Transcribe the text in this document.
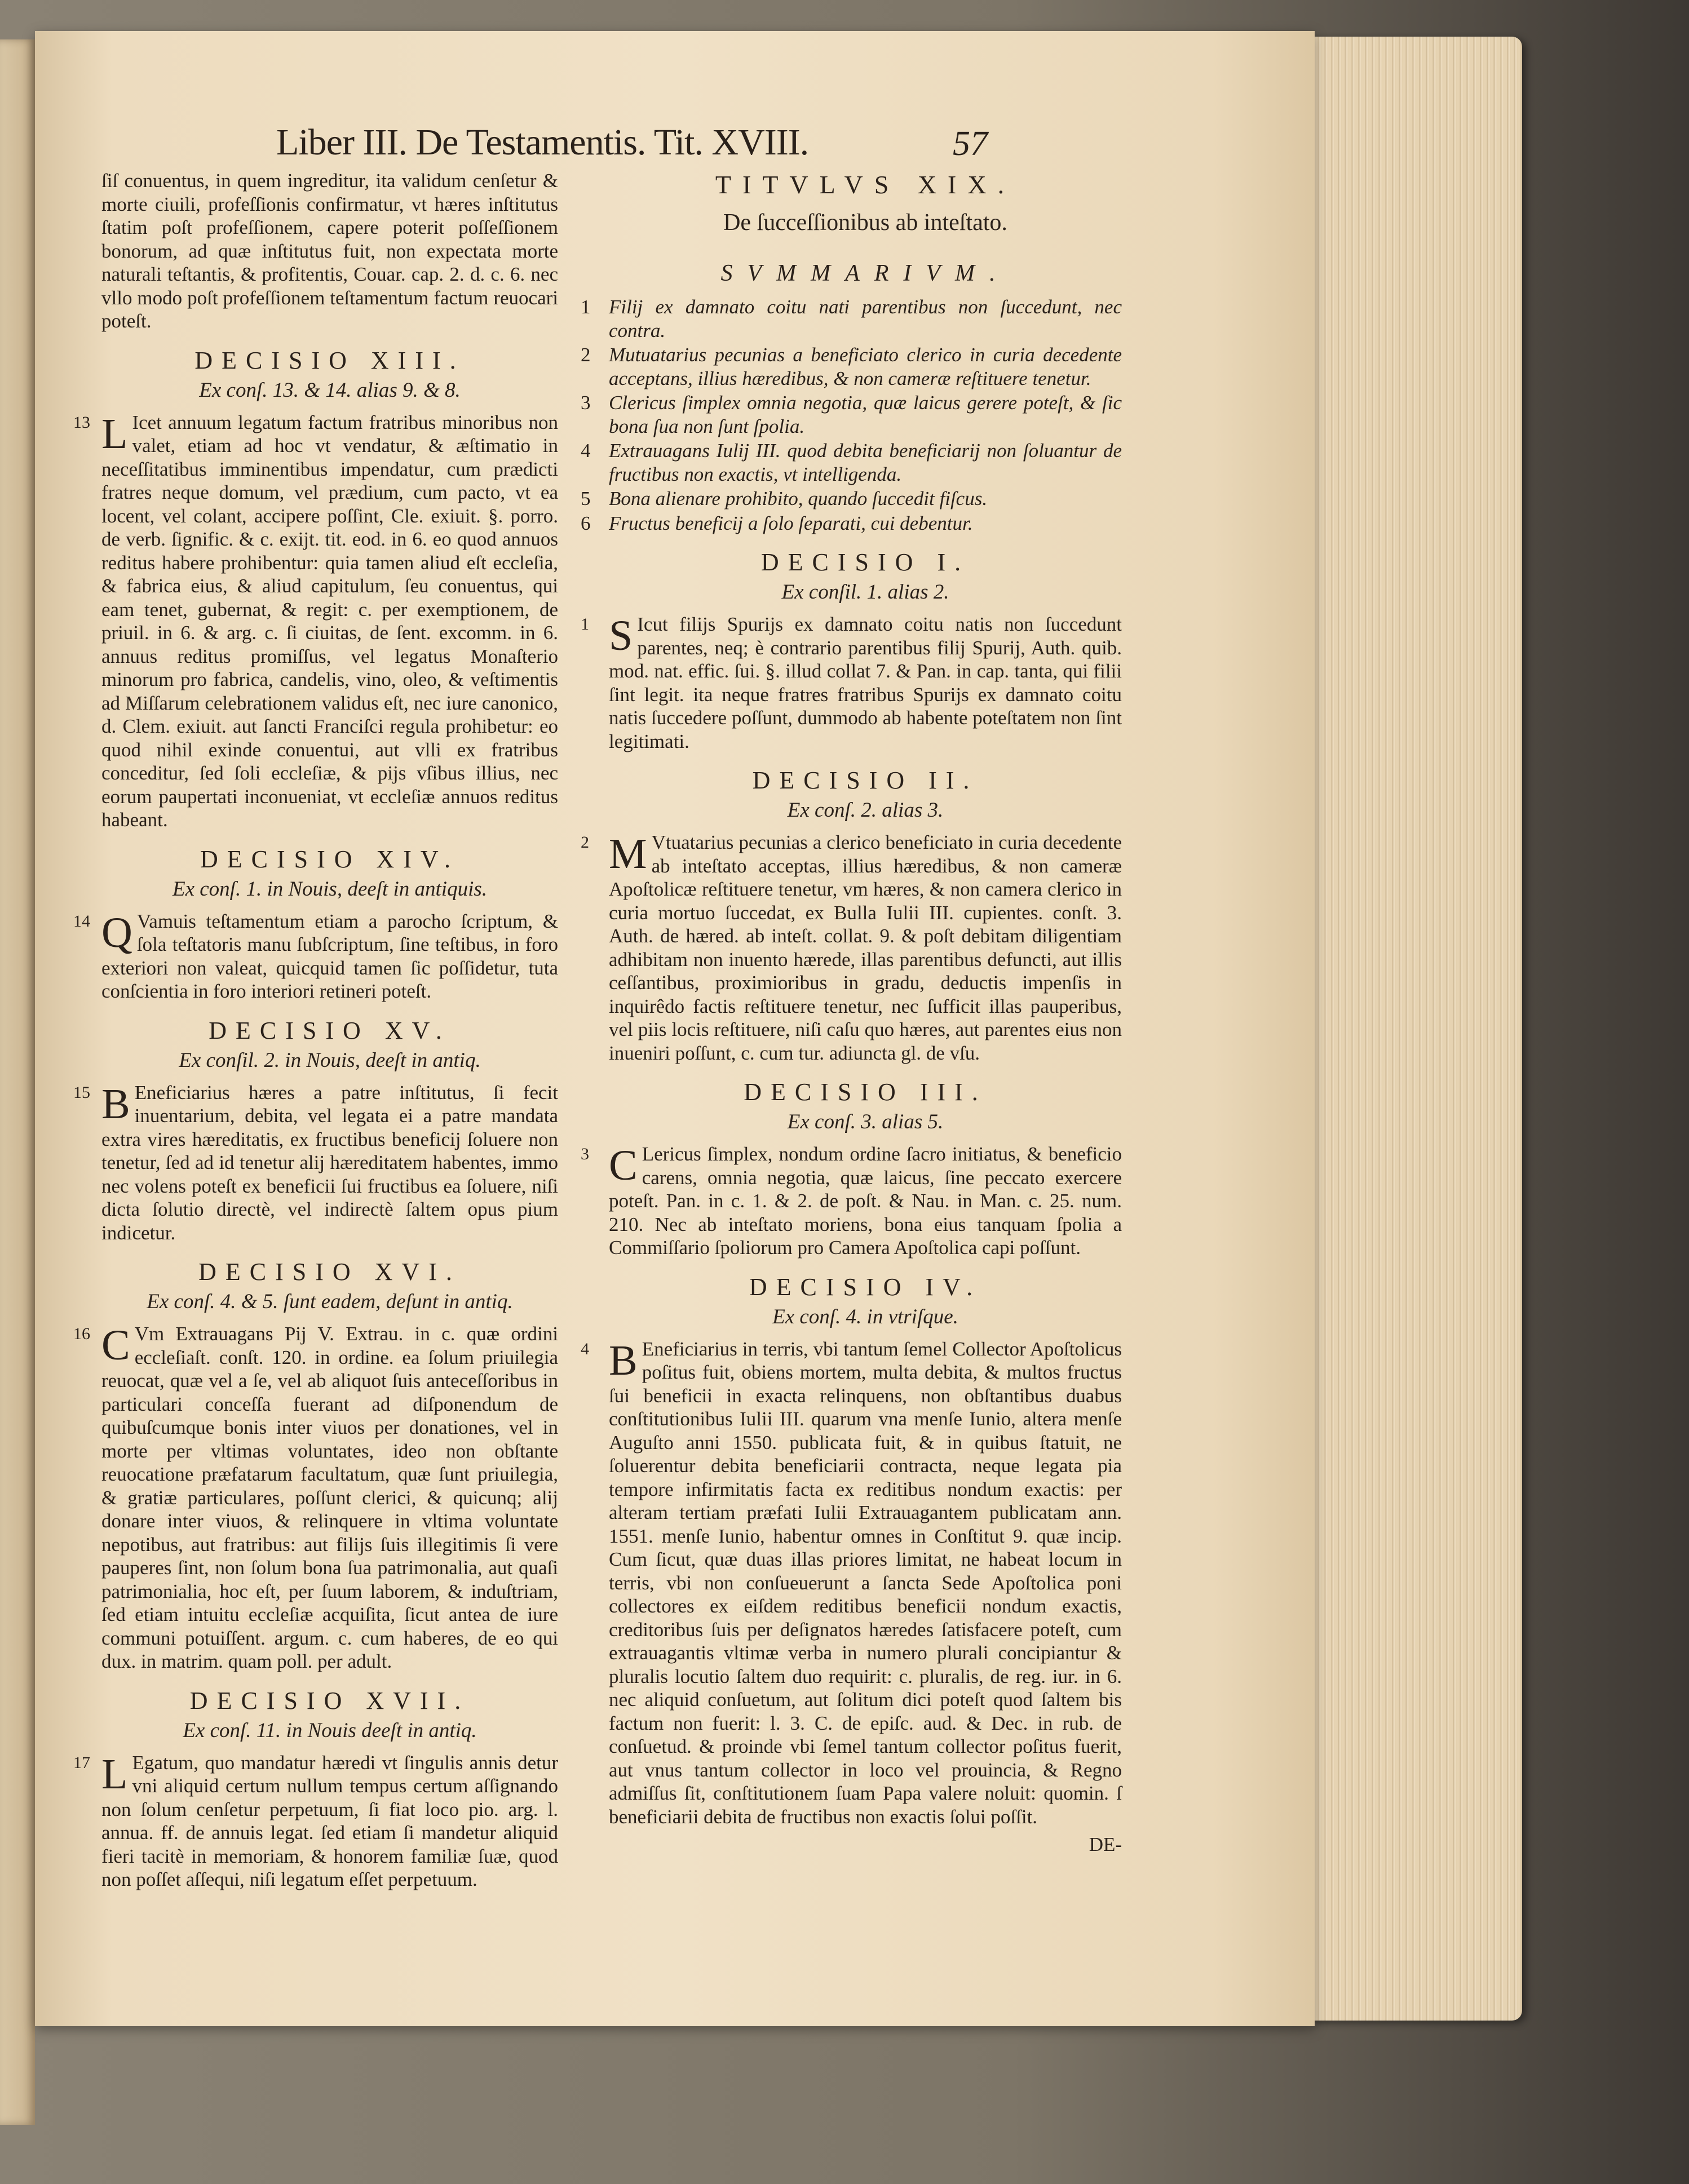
Liber III. De Testamentis. Tit. XVIII.	57

ſiſ conuentus, in quem ingreditur, ita validum cenſetur & morte ciuili, profeſſionis confirmatur, vt hæres inſtitutus ſtatim poſt profeſſionem, capere poterit poſſeſſionem bonorum, ad quæ inſtitutus fuit, non expectata morte naturali teſtantis, & profitentis, Couar. cap. 2. d. c. 6. nec vllo modo poſt profeſſionem teſtamentum factum reuocari poteſt.

DECISIO XIII.
Ex conſ. 13. & 14. alias 9. & 8.

13 L Icet annuum legatum factum fratribus minoribus non valet, etiam ad hoc vt vendatur, & æſtimatio in neceſſitatibus imminentibus impendatur, cum prædicti fratres neque domum, vel prædium, cum pacto, vt ea locent, vel colant, accipere poſſint, Cle. exiuit. §. porro. de verb. ſignific. & c. exijt. tit. eod. in 6. eo quod annuos reditus habere prohibentur: quia tamen aliud eſt eccleſia, & fabrica eius, & aliud capitulum, ſeu conuentus, qui eam tenet, gubernat, & regit: c. per exemptionem, de priuil. in 6. & arg. c. ſi ciuitas, de ſent. excomm. in 6. annuus reditus promiſſus, vel legatus Monaſterio minorum pro fabrica, candelis, vino, oleo, & veſtimentis ad Miſſarum celebrationem validus eſt, nec iure canonico, d. Clem. exiuit. aut ſancti Franciſci regula prohibetur: eo quod nihil exinde conuentui, aut vlli ex fratribus conceditur, ſed ſoli eccleſiæ, & pijs vſibus illius, nec eorum paupertati inconueniat, vt eccleſiæ annuos reditus habeant.

DECISIO XIV.
Ex conſ. 1. in Nouis, deeſt in antiquis.

14 Q Vamuis teſtamentum etiam a parocho ſcriptum, & ſola teſtatoris manu ſubſcriptum, ſine teſtibus, in foro exteriori non valeat, quicquid tamen ſic poſſidetur, tuta conſcientia in foro interiori retineri poteſt.

DECISIO XV.
Ex conſil. 2. in Nouis, deeſt in antiq.

15 B Eneficiarius hæres a patre inſtitutus, ſi fecit inuentarium, debita, vel legata ei a patre mandata extra vires hæreditatis, ex fructibus beneficij ſoluere non tenetur, ſed ad id tenetur alij hæreditatem habentes, immo nec volens poteſt ex beneficii ſui fructibus ea ſoluere, niſi dicta ſolutio directè, vel indirectè ſaltem opus pium indicetur.

DECISIO XVI.
Ex conſ. 4. & 5. ſunt eadem, deſunt in antiq.

16 C Vm Extrauagans Pij V. Extrau. in c. quæ ordini eccleſiaſt. conſt. 120. in ordine. ea ſolum priuilegia reuocat, quæ vel a ſe, vel ab aliquot ſuis anteceſſoribus in particulari conceſſa fuerant ad diſponendum de quibuſcumque bonis inter viuos per donationes, vel in morte per vltimas voluntates, ideo non obſtante reuocatione præfatarum facultatum, quæ ſunt priuilegia, & gratiæ particulares, poſſunt clerici, & quicunq; alij donare inter viuos, & relinquere in vltima voluntate nepotibus, aut fratribus: aut filijs ſuis illegitimis ſi vere pauperes ſint, non ſolum bona ſua patrimonalia, aut quaſi patrimonialia, hoc eſt, per ſuum laborem, & induſtriam, ſed etiam intuitu eccleſiæ acquiſita, ſicut antea de iure communi potuiſſent. argum. c. cum haberes, de eo qui dux. in matrim. quam poll. per adult.

DECISIO XVII.
Ex conſ. 11. in Nouis deeſt in antiq.

17 L Egatum, quo mandatur hæredi vt ſingulis annis detur vni aliquid certum nullum tempus certum aſſignando non ſolum cenſetur perpetuum, ſi fiat loco pio. arg. l. annua. ff. de annuis legat. ſed etiam ſi mandetur aliquid fieri tacitè in memoriam, & honorem familiæ ſuæ, quod non poſſet aſſequi, niſi legatum eſſet perpetuum.

TITVLVS XIX.
De ſucceſſionibus ab inteſtato.
SVMMARIVM.
1 Filij ex damnato coitu nati parentibus non ſuccedunt, nec contra.
2 Mutuatarius pecunias a beneficiato clerico in curia decedente acceptans, illius hæredibus, & non cameræ reſtituere tenetur.
3 Clericus ſimplex omnia negotia, quæ laicus gerere poteſt, & ſic bona ſua non ſunt ſpolia.
4 Extrauagans Iulij III. quod debita beneficiarij non ſoluantur de fructibus non exactis, vt intelligenda.
5 Bona alienare prohibito, quando ſuccedit fiſcus.
6 Fructus beneficij a ſolo ſeparati, cui debentur.
DECISIO I.
Ex conſil. 1. alias 2.

1 S Icut filijs Spurijs ex damnato coitu natis non ſuccedunt parentes, neq; è contrario parentibus filij Spurij, Auth. quib. mod. nat. effic. ſui. §. illud collat 7. & Pan. in cap. tanta, qui filii ſint legit. ita neque fratres fratribus Spurijs ex damnato coitu natis ſuccedere poſſunt, dummodo ab habente poteſtatem non ſint legitimati.

DECISIO II.
Ex conſ. 2. alias 3.

2 M Vtuatarius pecunias a clerico beneficiato in curia decedente ab inteſtato acceptas, illius hæredibus, & non cameræ Apoſtolicæ reſtituere tenetur, vm hæres, & non camera clerico in curia mortuo ſuccedat, ex Bulla Iulii III. cupientes. conſt. 3. Auth. de hæred. ab inteſt. collat. 9. & poſt debitam diligentiam adhibitam non inuento hærede, illas parentibus defuncti, aut illis ceſſantibus, proximioribus in gradu, deductis impenſis in inquirêdo factis reſtituere tenetur, nec ſufficit illas pauperibus, vel piis locis reſtituere, niſi caſu quo hæres, aut parentes eius non inueniri poſſunt, c. cum tur. adiuncta gl. de vſu.

DECISIO III.
Ex conſ. 3. alias 5.

3 C Lericus ſimplex, nondum ordine ſacro initiatus, & beneficio carens, omnia negotia, quæ laicus, ſine peccato exercere poteſt. Pan. in c. 1. & 2. de poſt. & Nau. in Man. c. 25. num. 210. Nec ab inteſtato moriens, bona eius tanquam ſpolia a Commiſſario ſpoliorum pro Camera Apoſtolica capi poſſunt.

DECISIO IV.
Ex conſ. 4. in vtriſque.

4 B Eneficiarius in terris, vbi tantum ſemel Collector Apoſtolicus poſitus fuit, obiens mortem, multa debita, & multos fructus ſui beneficii in exacta relinquens, non obſtantibus duabus conſtitutionibus Iulii III. quarum vna menſe Iunio, altera menſe Auguſto anni 1550. publicata fuit, & in quibus ſtatuit, ne ſoluerentur debita beneficiarii contracta, neque legata pia tempore infirmitatis facta ex reditibus nondum exactis: per alteram tertiam præfati Iulii Extrauagantem publicatam ann. 1551. menſe Iunio, habentur omnes in Conſtitut 9. quæ incip. Cum ſicut, quæ duas illas priores limitat, ne habeat locum in terris, vbi non conſueuerunt a ſancta Sede Apoſtolica poni collectores ex eiſdem reditibus beneficii nondum exactis, creditoribus ſuis per deſignatos hæredes ſatisfacere poteſt, cum extrauagantis vltimæ verba in numero plurali concipiantur & pluralis locutio ſaltem duo requirit: c. pluralis, de reg. iur. in 6. nec aliquid conſuetum, aut ſolitum dici poteſt quod ſaltem bis factum non fuerit: l. 3. C. de epiſc. aud. & Dec. in rub. de conſuetud. & proinde vbi ſemel tantum collector poſitus fuerit, aut vnus tantum collector in loco vel prouincia, & Regno admiſſus ſit, conſtitutionem ſuam Papa valere noluit: quomin. ſ beneficiarii debita de fructibus non exactis ſolui poſſit.

DE-
